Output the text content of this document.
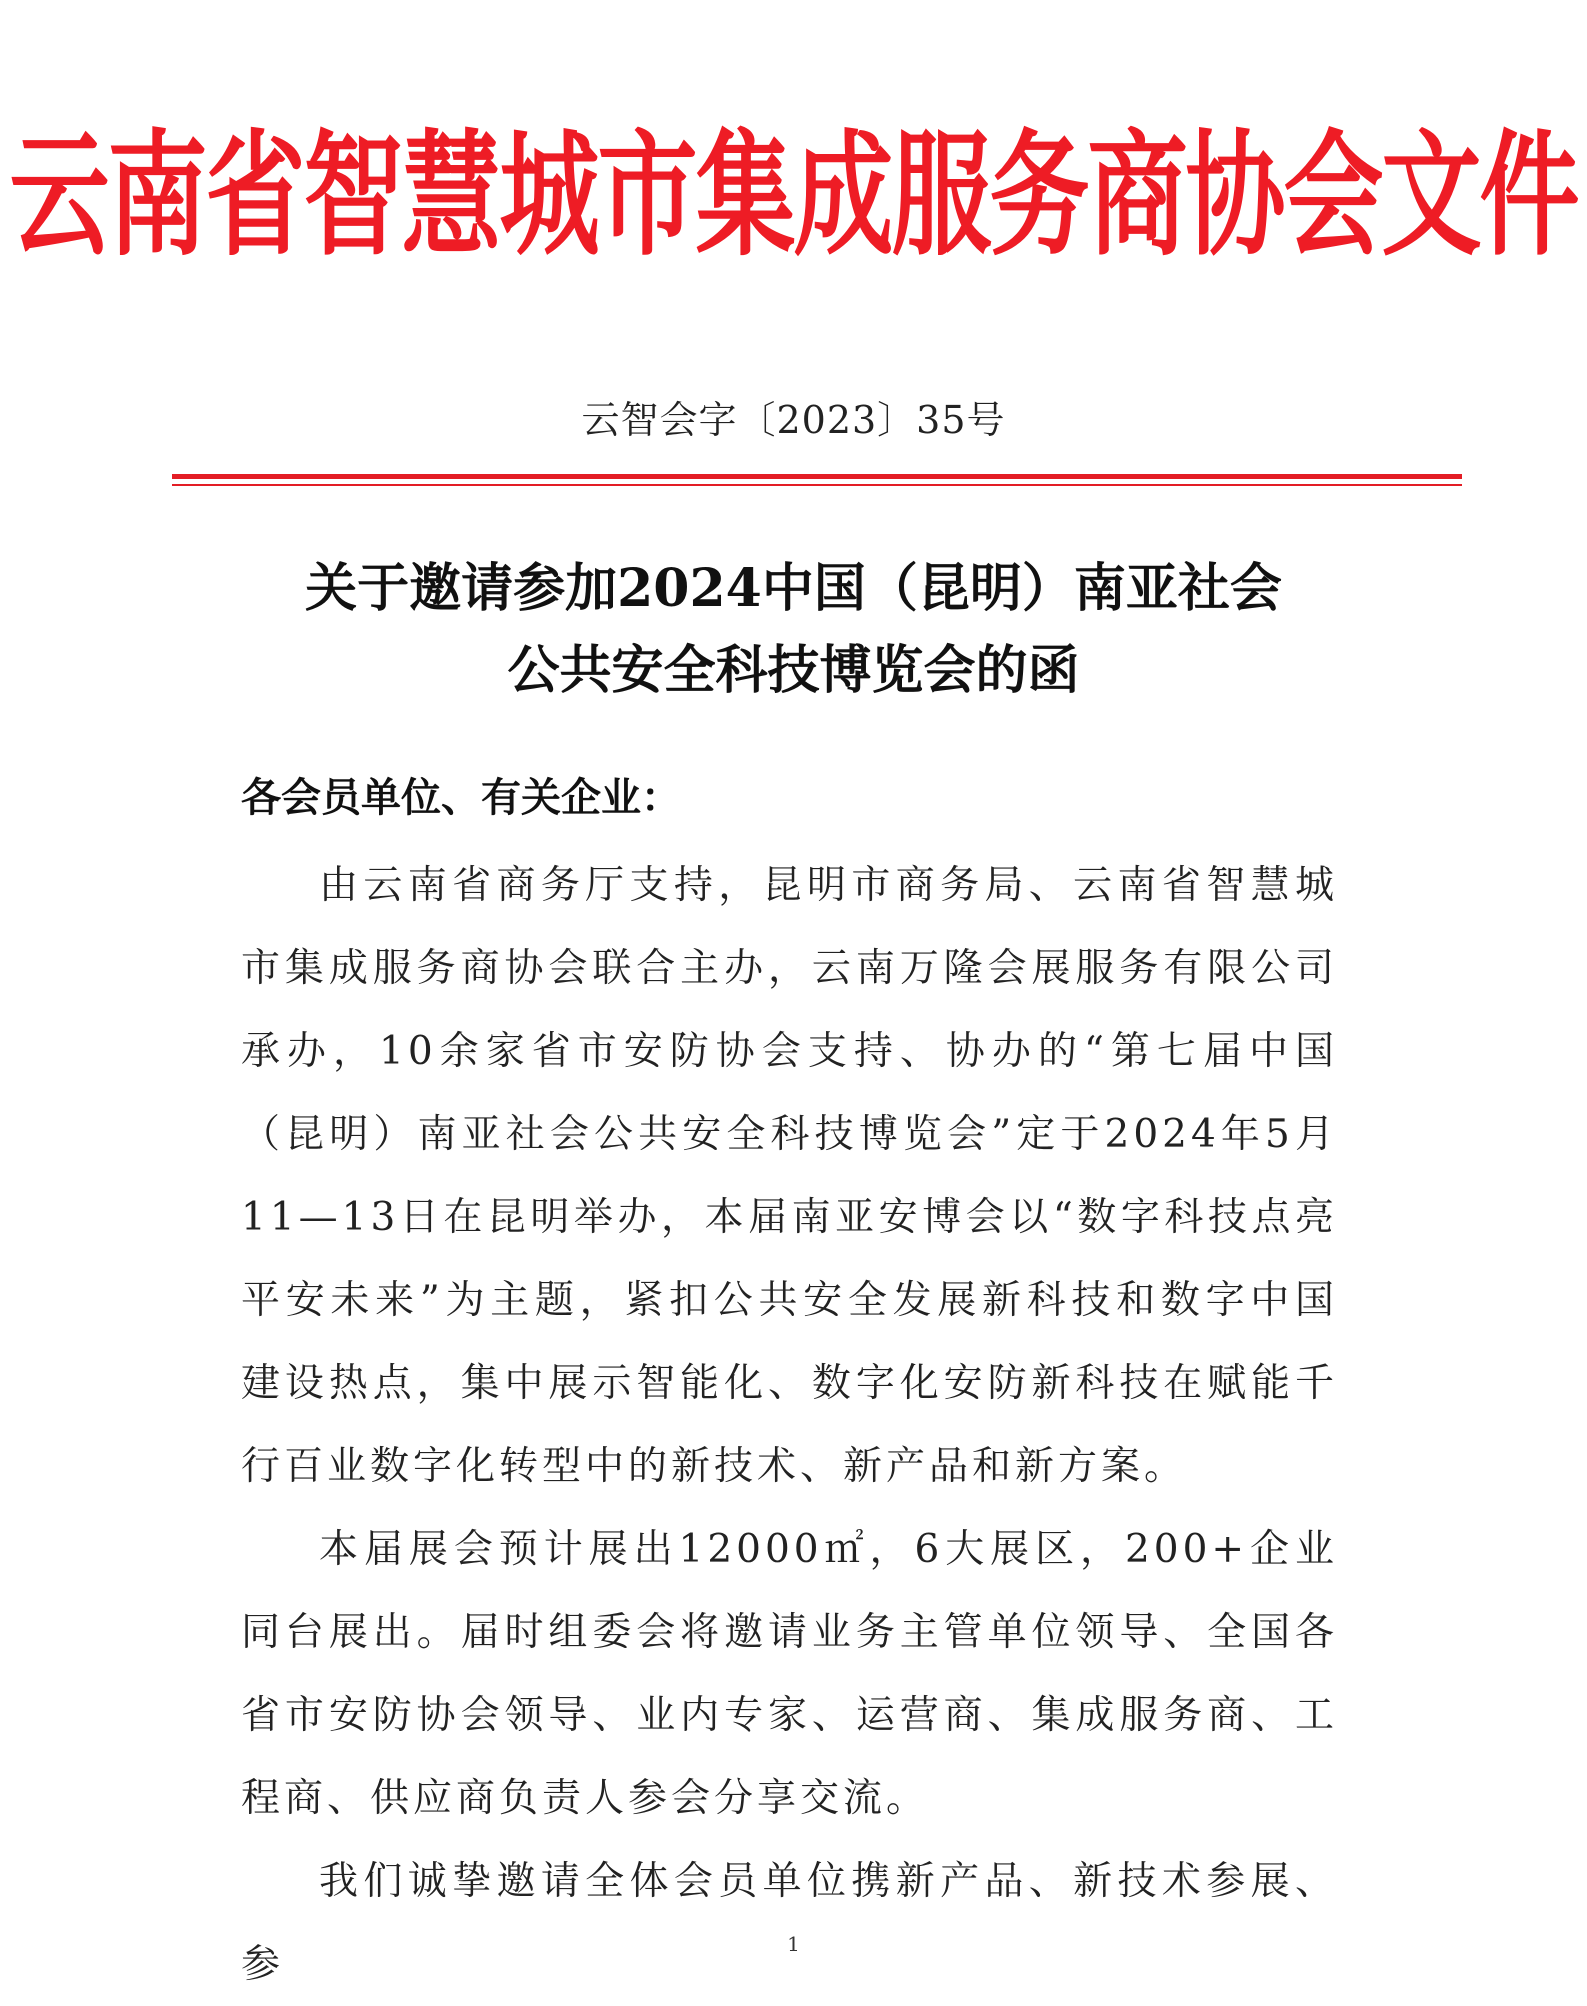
云南省智慧城市集成服务商协会文件
云智会字〔2023〕35号
关于邀请参加2024中国（昆明）南亚社会
公共安全科技博览会的函
各会员单位、有关企业：

由云南省商务厅支持，昆明市商务局、云南省智慧城市集成服务商协会联合主办，云南万隆会展服务有限公司承办，10余家省市安防协会支持、协办的“第七届中国（昆明）南亚社会公共安全科技博览会”定于2024年5月11—13日在昆明举办，本届南亚安博会以“数字科技点亮平安未来”为主题，紧扣公共安全发展新科技和数字中国建设热点，集中展示智能化、数字化安防新科技在赋能千行百业数字化转型中的新技术、新产品和新方案。

本届展会预计展出12000㎡，6大展区，200+企业同台展出。届时组委会将邀请业务主管单位领导、全国各省市安防协会领导、业内专家、运营商、集成服务商、工程商、供应商负责人参会分享交流。

我们诚挚邀请全体会员单位携新产品、新技术参展、参	1
